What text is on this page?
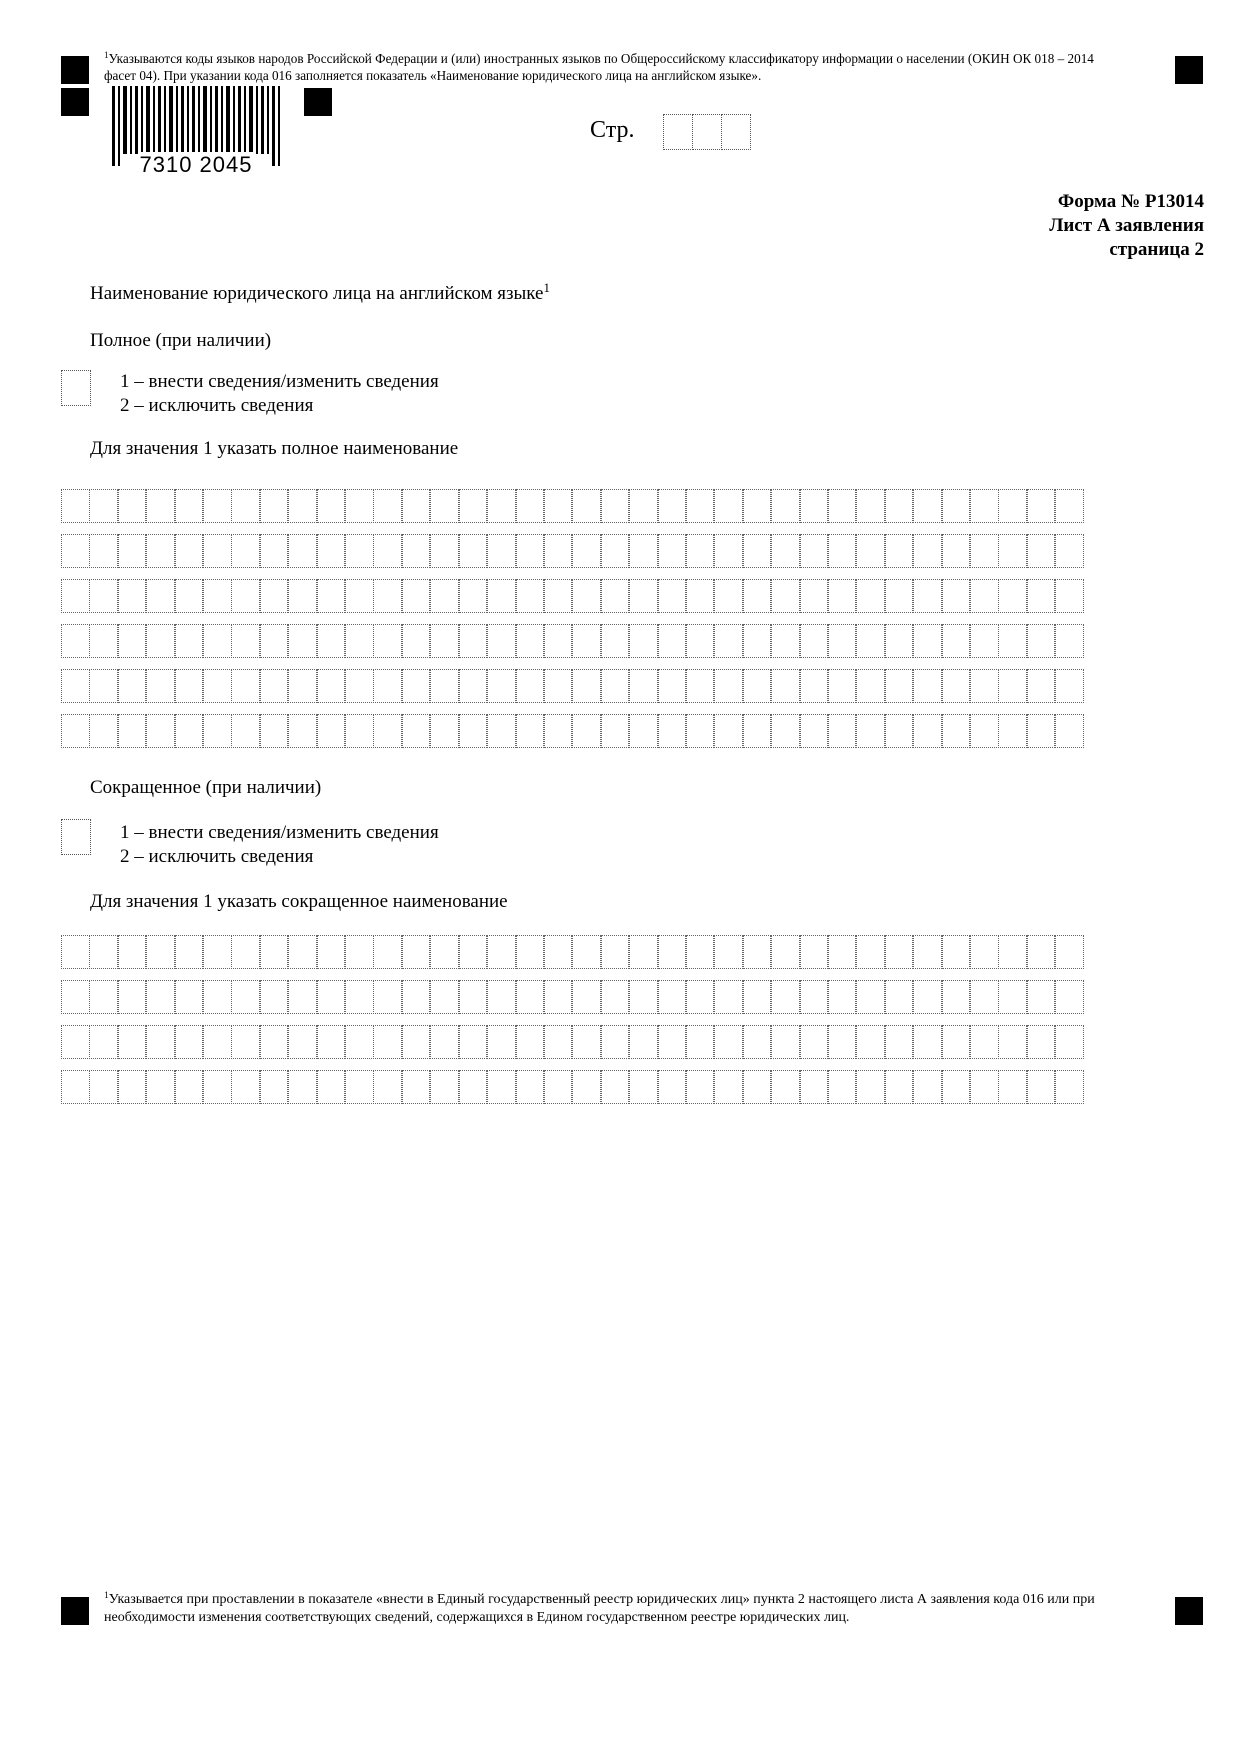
$^1$Указываются коды языков народов Российской Федерации и (или) иностранных языков по Общероссийскому классификатору информации о населении (ОКИН ОК 018 – 2014 фасет 04). При указании кода 016 заполняется показатель «Наименование юридического лица на английском языке».
7310 2045
Стр.
Форма № Р13014
Лист А заявления
страница 2
Наименование юридического лица на английском языке$^1$
Полное (при наличии)
1 – внести сведения/изменить сведения
2 – исключить сведения
Для значения 1 указать полное наименование
Сокращенное (при наличии)
1 – внести сведения/изменить сведения
2 – исключить сведения
Для значения 1 указать сокращенное наименование
$^1$Указывается при проставлении в показателе «внести в Единый государственный реестр юридических лиц» пункта 2 настоящего листа А заявления кода 016 или при необходимости изменения соответствующих сведений, содержащихся в Едином государственном реестре юридических лиц.
